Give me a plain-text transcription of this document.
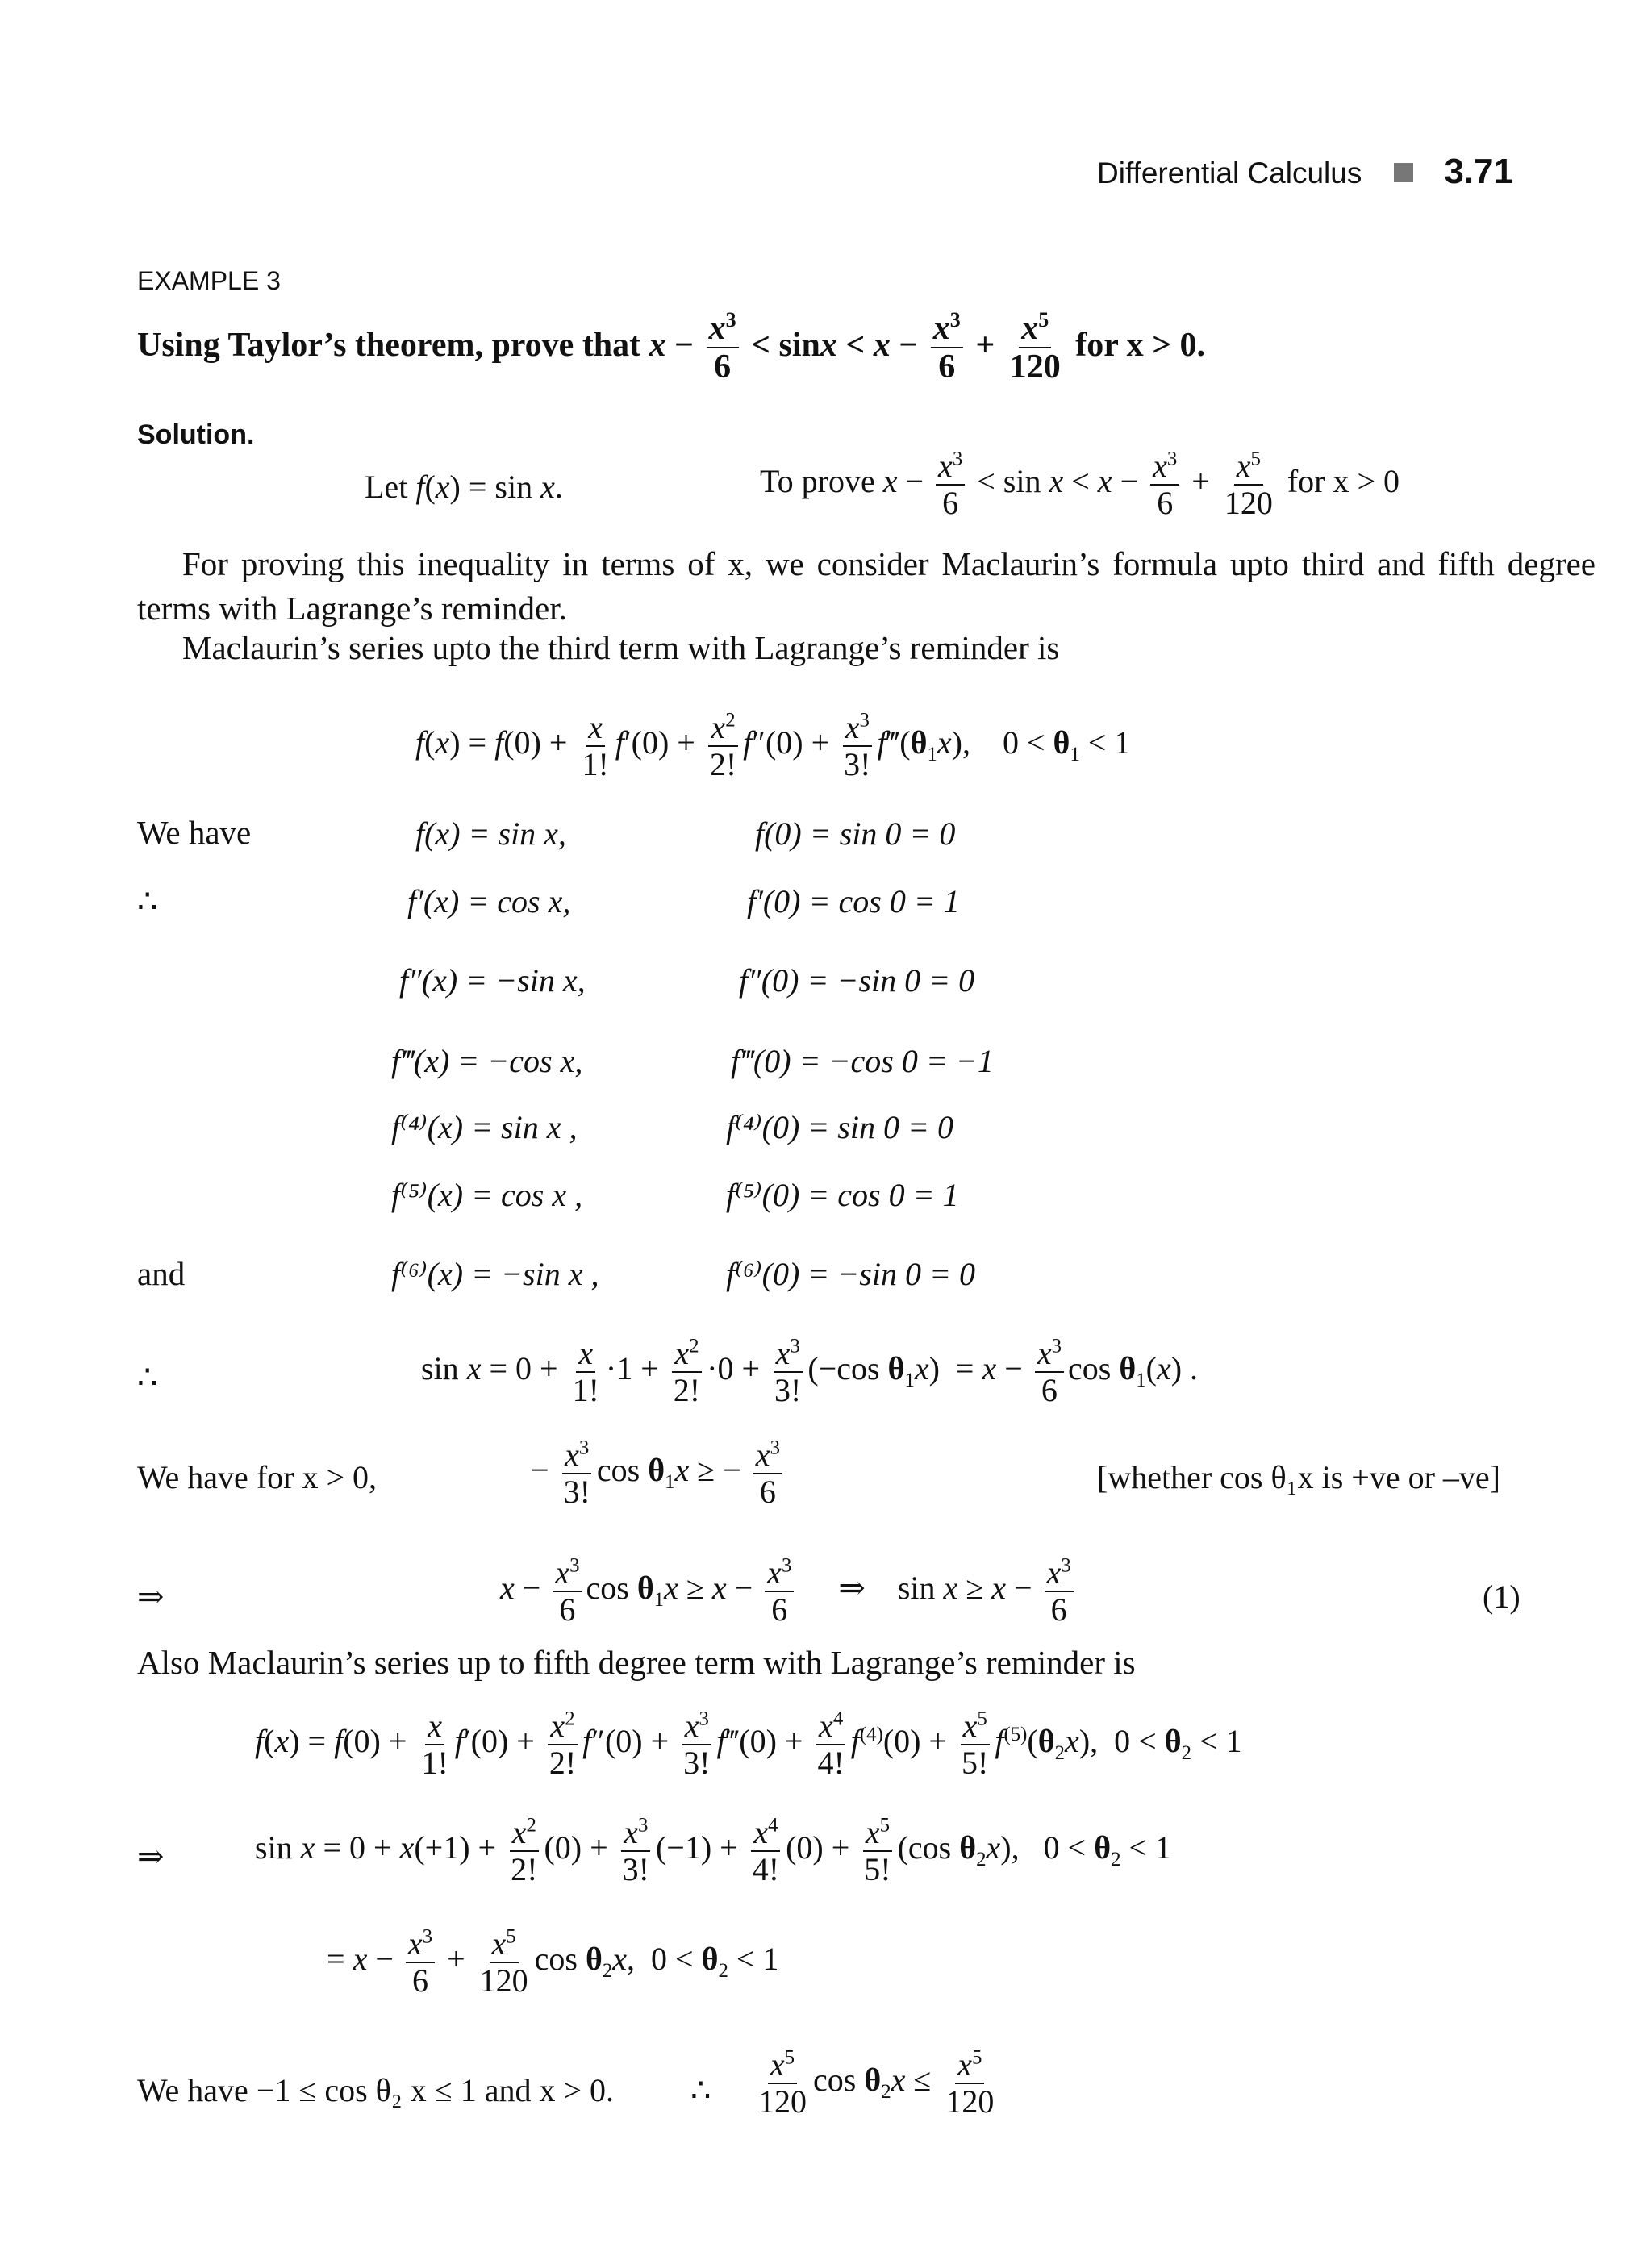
Differential Calculus 3.71
EXAMPLE 3
Using Taylor’s theorem, prove that $x - \frac{x^3}{6} < \sin x < x - \frac{x^3}{6} + \frac{x^5}{120}$ for x > 0.
Solution.
Let f(x) = sin x.	To prove $x - \frac{x^3}{6} < \sin x < x - \frac{x^3}{6} + \frac{x^5}{120}$ for x > 0
For proving this inequality in terms of x, we consider Maclaurin’s formula upto third and fifth degree terms with Lagrange’s reminder.
Maclaurin’s series upto the third term with Lagrange’s reminder is
$f(x) = f(0) + \frac{x}{1!} f'(0) + \frac{x^2}{2!} f''(0) + \frac{x^3}{3!}$ $f‴(\theta_1x)$,    $0 < \theta_1 < 1$
We have	f(x) = sin x,	f(0) = sin 0 = 0
∴	f′(x) = cos x,	f′(0) = cos 0 = 1
f″(x) = −sin x,	f″(0) = −sin 0 = 0
f‴(x) = −cos x,	f‴(0) = −cos 0 = −1
f⁽⁴⁾(x) = sin x ,	f⁽⁴⁾(0) = sin 0 = 0
f⁽⁵⁾(x) = cos x ,	f⁽⁵⁾(0) = cos 0 = 1
and	f⁽⁶⁾(x) = −sin x ,	f⁽⁶⁾(0) = −sin 0 = 0
∴	$\sin x = 0 + \frac{x}{1!} \cdot 1 + \frac{x^2}{2!} \cdot 0 + \frac{x^3}{3!} (-\cos$ $\theta_1x) = x - \frac{x^3}{6}$ $\cos \theta_1(x)$ .
We have for x > 0,	− $\frac{x^3}{3!}$ $\cos \theta_1x$ ≥ − $\frac{x^3}{6}$	[whether cos θ₁x is +ve or –ve]
⇒	$x - \frac{x^3}{6}$ $\cos \theta_1x \ge x - \frac{x^3}{6}$ ⇒    $\sin x \ge x - \frac{x^3}{6}$	(1)
Also Maclaurin’s series up to fifth degree term with Lagrange’s reminder is
$f(x) = f(0) + \frac{x}{1!} f'(0) + \frac{x^2}{2!} f''(0) + \frac{x^3}{3!}$ f‴(0) + $\frac{x^4}{4!} f^{(4)}(0) + \frac{x^5}{5!} f^{(5)}(\theta_2x)$,  $0 < \theta_2 < 1$
⇒	$\sin x = 0 + x(+1) + \frac{x^2}{2!} (0) + \frac{x^3}{3!} (-1) + \frac{x^4}{4!} (0) + \frac{x^5}{5!} (\cos$ $\theta_2x$),   $0 < \theta_2 < 1$
= $x - \frac{x^3}{6} + \frac{x^5}{120}$ $\cos \theta_2x$,  $0 < \theta_2 < 1$
We have −1 ≤ cos θ₂ x ≤ 1 and x > 0. ∴ $\frac{x^5}{120}$ $\cos \theta_2x \le \frac{x^5}{120}$
